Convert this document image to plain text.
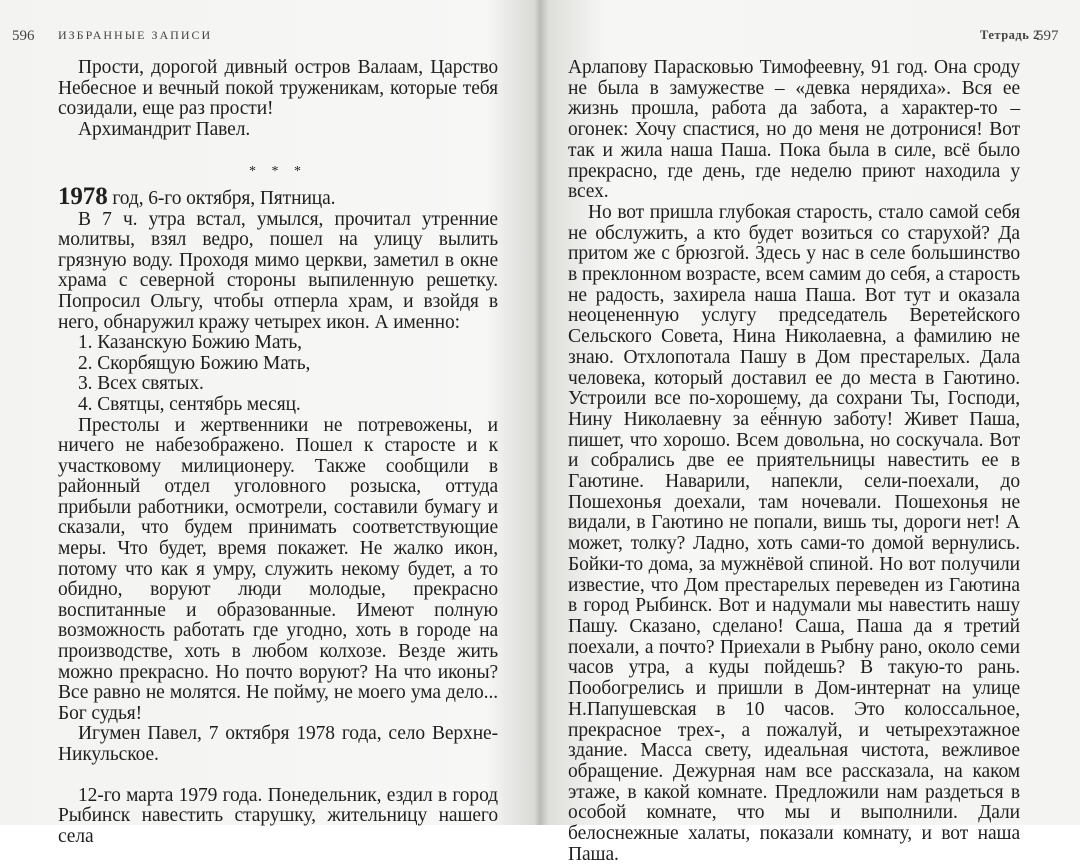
596 ИЗБРАННЫЕ ЗАПИСИ

Прости, дорогой дивный остров Валаам, Царство Небесное и вечный покой труженикам, которые тебя созидали, еще раз прости!

Архимандрит Павел.

* * *

1978 год, 6-го октября, Пятница.

В 7 ч. утра встал, умылся, прочитал утренние молитвы, взял ведро, пошел на улицу вылить грязную воду. Проходя мимо церкви, заметил в окне храма с северной стороны выпиленную решетку. Попросил Ольгу, чтобы отперла храм, и взойдя в него, обнаружил кражу четырех икон. А именно:

1. Казанскую Божию Мать,

2. Скорбящую Божию Мать,

3. Всех святых.

4. Святцы, сентябрь месяц.

Престолы и жертвенники не потревожены, и ничего не набезображено. Пошел к старосте и к участковому милиционеру. Также сообщили в районный отдел уголовного розыска, оттуда прибыли работники, осмотрели, составили бумагу и сказали, что будем принимать соответствующие меры. Что будет, время покажет. Не жалко икон, потому что как я умру, служить некому будет, а то обидно, воруют люди молодые, прекрасно воспитанные и образованные. Имеют полную возможность работать где угодно, хоть в городе на производстве, хоть в любом колхозе. Везде жить можно прекрасно. Но почто воруют? На что иконы? Все равно не молятся. Не пойму, не моего ума дело... Бог судья!

Игумен Павел, 7 октября 1978 года, село Верхне-Никульское.

12-го марта 1979 года. Понедельник, ездил в город Рыбинск навестить старушку, жительницу нашего села

Тетрадь 2
597

Арлапову Парасковью Тимофеевну, 91 год. Она сроду не была в замужестве – «девка нерядиха». Вся ее жизнь прошла, работа да забота, а характер-то – огонек: Хочу спастися, но до меня не дотронися! Вот так и жила наша Паша. Пока была в силе, всё было прекрасно, где день, где неделю приют находила у всех.

Но вот пришла глубокая старость, стало самой себя не обслужить, а кто будет возиться со старухой? Да притом же с брюзгой. Здесь у нас в селе большинство в преклонном возрасте, всем самим до себя, а старость не радость, захирела наша Паша. Вот тут и оказала неоцененную услугу председатель Веретейского Сельского Совета, Нина Николаевна, а фамилию не знаю. Отхлопотала Пашу в Дом престарелых. Дала человека, который доставил ее до места в Гаютино. Устроили все по-хорошему, да сохрани Ты, Господи, Нину Николаевну за её́нную заботу! Живет Паша, пишет, что хорошо. Всем довольна, но соскучала. Вот и собрались две ее приятельницы навестить ее в Гаютине. Наварили, напекли, сели-поехали, до Пошехонья доехали, там ночевали. Пошехонья не видали, в Гаютино не попали, вишь ты, дороги нет! А может, толку? Ладно, хоть сами-то домой вернулись. Бойки-то дома, за мужнёвой спиной. Но вот получили известие, что Дом престарелых переведен из Гаютина в город Рыбинск. Вот и надумали мы навестить нашу Пашу. Сказано, сделано! Саша, Паша да я третий поехали, а почто? Приехали в Рыбну рано, около семи часов утра, а куды пойдешь? В такую-то рань. Пообогрелись и пришли в Дом-интернат на улице Н.Папушевская в 10 часов. Это колоссальное, прекрасное трех-, а пожалуй, и четырехэтажное здание. Масса свету, идеальная чистота, вежливое обращение. Дежурная нам все рассказала, на каком этаже, в какой комнате. Предложили нам раздеться в особой комнате, что мы и выполнили. Дали белоснежные халаты, показали комнату, и вот наша Паша.
